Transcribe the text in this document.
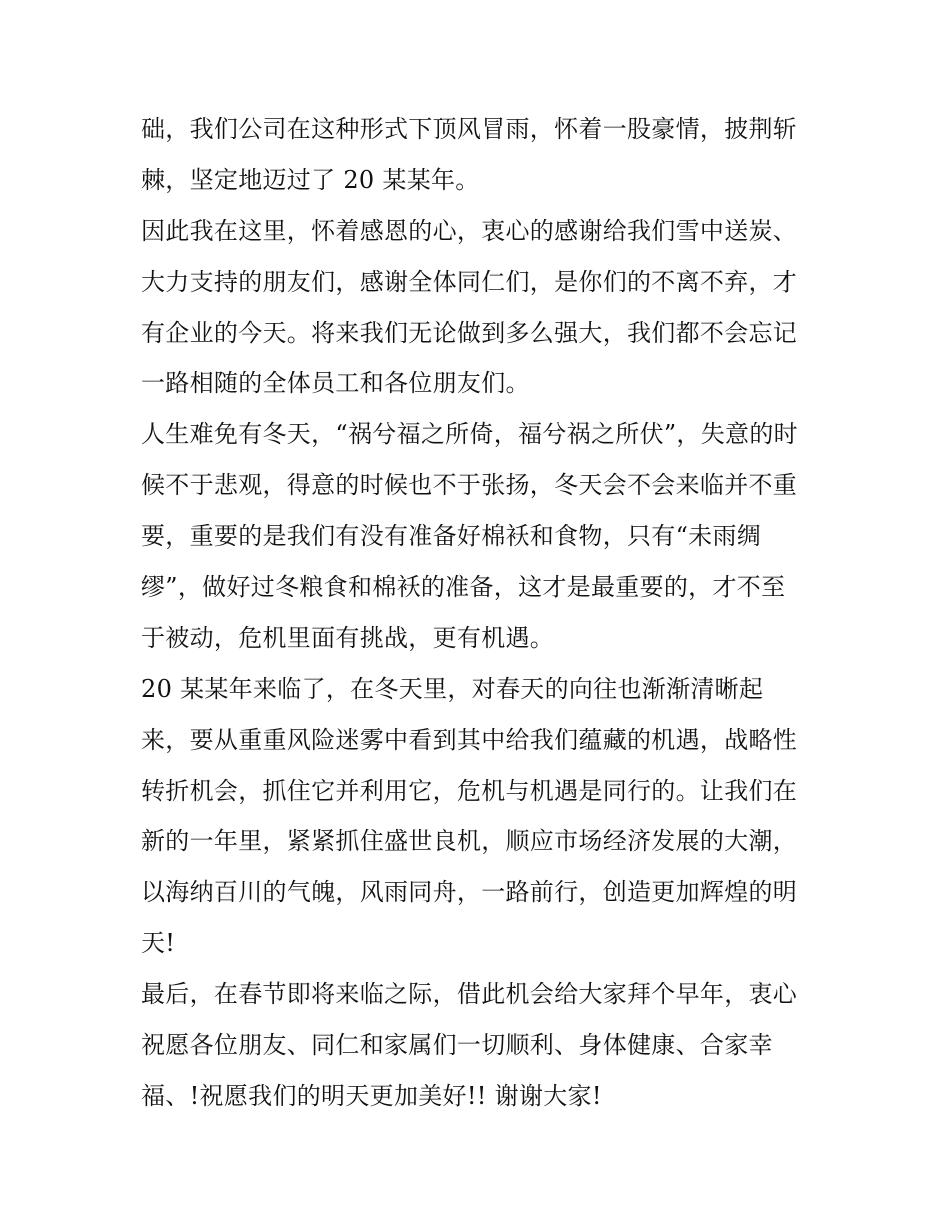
础，我们公司在这种形式下顶风冒雨，怀着一股豪情，披荆斩
棘，坚定地迈过了 20 某某年。
因此我在这里，怀着感恩的心，衷心的感谢给我们雪中送炭、
大力支持的朋友们，感谢全体同仁们，是你们的不离不弃，才
有企业的今天。将来我们无论做到多么强大，我们都不会忘记
一路相随的全体员工和各位朋友们。
人生难免有冬天，“祸兮福之所倚，福兮祸之所伏”，失意的时
候不于悲观，得意的时候也不于张扬，冬天会不会来临并不重
要，重要的是我们有没有准备好棉袄和食物，只有“未雨绸
缪”，做好过冬粮食和棉袄的准备，这才是最重要的，才不至
于被动，危机里面有挑战，更有机遇。
20 某某年来临了，在冬天里，对春天的向往也渐渐清晰起
来，要从重重风险迷雾中看到其中给我们蕴藏的机遇，战略性
转折机会，抓住它并利用它，危机与机遇是同行的。让我们在
新的一年里，紧紧抓住盛世良机，顺应市场经济发展的大潮，
以海纳百川的气魄，风雨同舟，一路前行，创造更加辉煌的明
天!
最后，在春节即将来临之际，借此机会给大家拜个早年，衷心
祝愿各位朋友、同仁和家属们一切顺利、身体健康、合家幸
福、!祝愿我们的明天更加美好!! 谢谢大家!
